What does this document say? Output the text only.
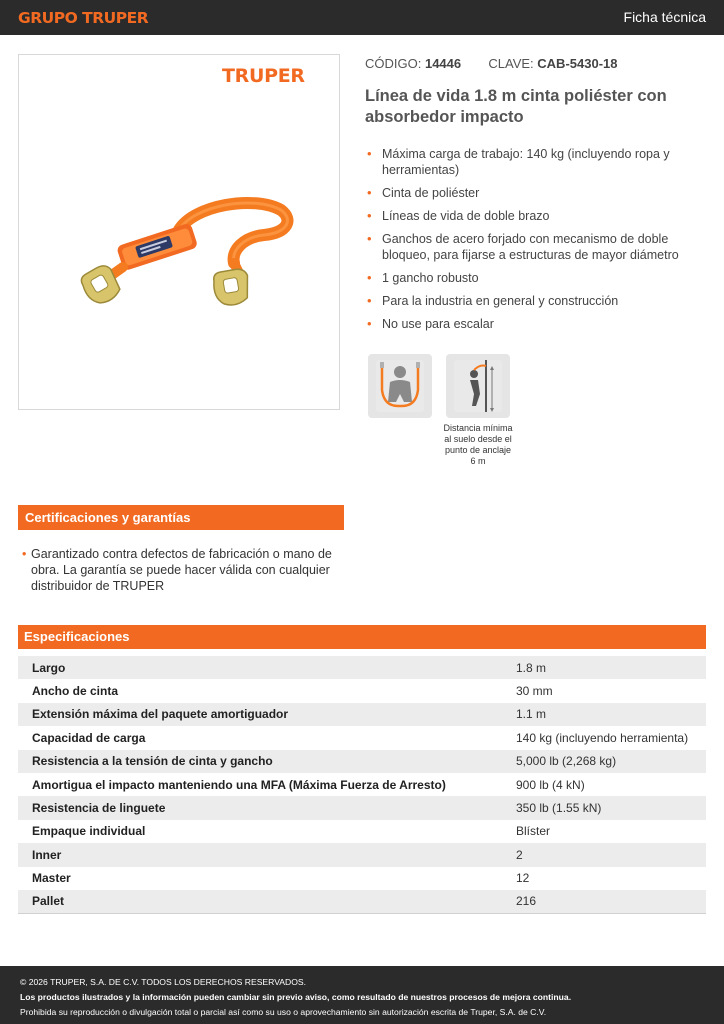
GRUPO TRUPER	Ficha técnica
TRUPER
CÓDIGO: 14446 CLAVE: CAB-5430-18
Línea de vida 1.8 m cinta poliéster con absorbedor impacto
• Máxima carga de trabajo: 140 kg (incluyendo ropa y herramientas)
• Cinta de poliéster
• Líneas de vida de doble brazo
• Ganchos de acero forjado con mecanismo de doble bloqueo, para fijarse a estructuras de mayor diámetro
• 1 gancho robusto
• Para la industria en general y construcción
• No use para escalar
Distancia mínima al suelo desde el punto de anclaje 6 m
Certificaciones y garantías
• Garantizado contra defectos de fabricación o mano de obra. La garantía se puede hacer válida con cualquier distribuidor de TRUPER
Especificaciones
Largo	1.8 m
Ancho de cinta	30 mm
Extensión máxima del paquete amortiguador	1.1 m
Capacidad de carga	140 kg (incluyendo herramienta)
Resistencia a la tensión de cinta y gancho	5,000 lb (2,268 kg)
Amortigua el impacto manteniendo una MFA (Máxima Fuerza de Arresto)	900 lb (4 kN)
Resistencia de linguete	350 lb (1.55 kN)
Empaque individual	Blíster
Inner	2
Master	12
Pallet	216

© 2026 TRUPER, S.A. DE C.V. TODOS LOS DERECHOS RESERVADOS.

Los productos ilustrados y la información pueden cambiar sin previo aviso, como resultado de nuestros procesos de mejora continua.

Prohibida su reproducción o divulgación total o parcial así como su uso o aprovechamiento sin autorización escrita de Truper, S.A. de C.V.
